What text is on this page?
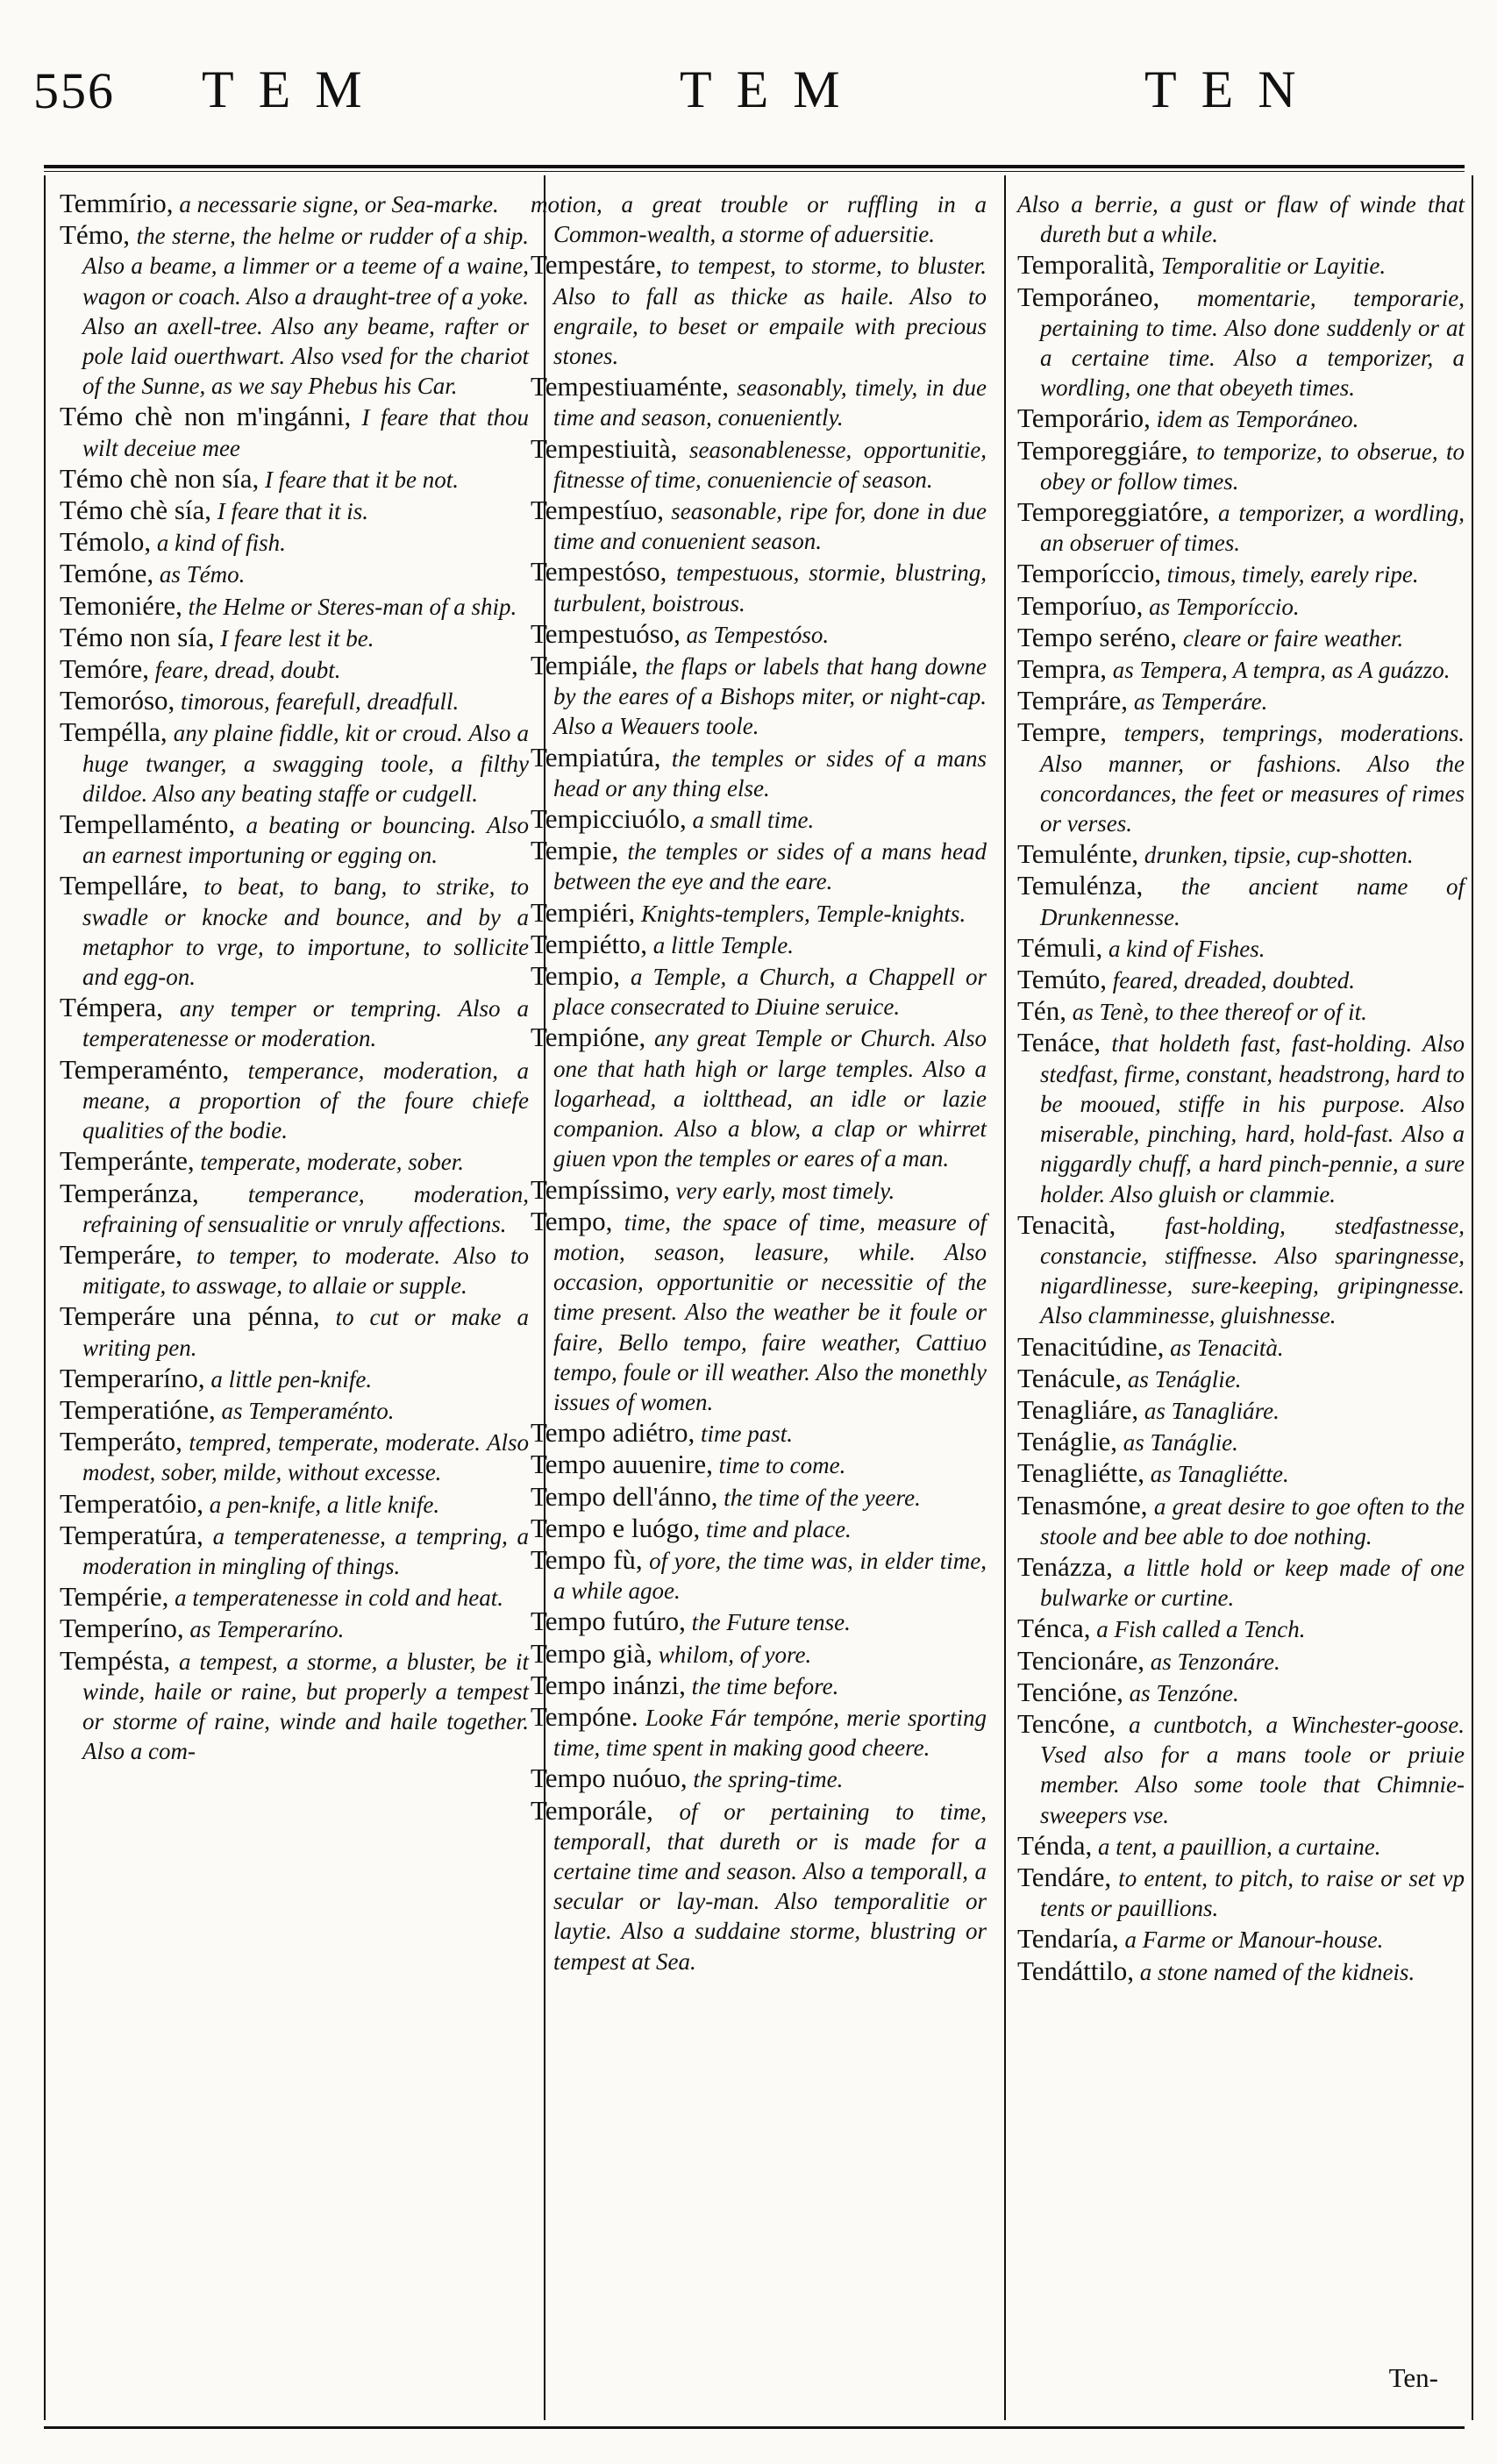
556 TEM	TEM	TEN
Temmírio, a necessarie signe, or Sea-marke.
Témo, the sterne, the helme or rudder of a ship. Also a beame, a limmer or a teeme of a waine, wagon or coach. Also a draught-tree of a yoke. Also an axell-tree. Also any beame, rafter or pole laid ouerthwart. Also vsed for the chariot of the Sunne, as we say Phebus his Car.
Témo chè non m'ingánni, I feare that thou wilt deceiue mee
Témo chè non sía, I feare that it be not.
Témo chè sía, I feare that it is.
Témolo, a kind of fish.
Temóne, as Témo.
Temoniére, the Helme or Steres-man of a ship.
Témo non sía, I feare lest it be.
Temóre, feare, dread, doubt.
Temoróso, timorous, fearefull, dreadfull.
Tempélla, any plaine fiddle, kit or croud. Also a huge twanger, a swagging toole, a filthy dildoe. Also any beating staffe or cudgell.
Tempellaménto, a beating or bouncing. Also an earnest importuning or egging on.
Tempelláre, to beat, to bang, to strike, to swadle or knocke and bounce, and by a metaphor to vrge, to importune, to sollicite and egg-on.
Témpera, any temper or tempring. Also a temperatenesse or moderation.
Temperaménto, temperance, moderation, a meane, a proportion of the foure chiefe qualities of the bodie.
Temperánte, temperate, moderate, sober.
Temperánza, temperance, moderation, refraining of sensualitie or vnruly affections.
Temperáre, to temper, to moderate. Also to mitigate, to asswage, to allaie or supple.
Temperáre una pénna, to cut or make a writing pen.
Temperaríno, a little pen-knife.
Temperatióne, as Temperaménto.
Temperáto, tempred, temperate, moderate. Also modest, sober, milde, without excesse.
Temperatóio, a pen-knife, a litle knife.
Temperatúra, a temperatenesse, a tempring, a moderation in mingling of things.
Tempérie, a temperatenesse in cold and heat.
Temperíno, as Temperaríno.
Tempésta, a tempest, a storme, a bluster, be it winde, haile or raine, but properly a tempest or storme of raine, winde and haile together. Also a com-
motion, a great trouble or ruffling in a Common-wealth, a storme of aduersitie.
Tempestáre, to tempest, to storme, to bluster. Also to fall as thicke as haile. Also to engraile, to beset or empaile with precious stones.
Tempestiuaménte, seasonably, timely, in due time and season, conueniently.
Tempestiuità, seasonablenesse, opportunitie, fitnesse of time, conueniencie of season.
Tempestíuo, seasonable, ripe for, done in due time and conuenient season.
Tempestóso, tempestuous, stormie, blustring, turbulent, boistrous.
Tempestuóso, as Tempestóso.
Tempiále, the flaps or labels that hang downe by the eares of a Bishops miter, or night-cap. Also a Weauers toole.
Tempiatúra, the temples or sides of a mans head or any thing else.
Tempicciuólo, a small time.
Tempie, the temples or sides of a mans head between the eye and the eare.
Tempiéri, Knights-templers, Temple-knights.
Tempiétto, a little Temple.
Tempio, a Temple, a Church, a Chappell or place consecrated to Diuine seruice.
Tempióne, any great Temple or Church. Also one that hath high or large temples. Also a logarhead, a ioltthead, an idle or lazie companion. Also a blow, a clap or whirret giuen vpon the temples or eares of a man.
Tempíssimo, very early, most timely.
Tempo, time, the space of time, measure of motion, season, leasure, while. Also occasion, opportunitie or necessitie of the time present. Also the weather be it foule or faire, Bello tempo, faire weather, Cattiuo tempo, foule or ill weather. Also the monethly issues of women.
Tempo adiétro, time past.
Tempo auuenire, time to come.
Tempo dell'ánno, the time of the yeere.
Tempo e luógo, time and place.
Tempo fù, of yore, the time was, in elder time, a while agoe.
Tempo futúro, the Future tense.
Tempo già, whilom, of yore.
Tempo inánzi, the time before.
Tempóne. Looke Fár tempóne, merie sporting time, time spent in making good cheere.
Tempo nuóuo, the spring-time.
Temporále, of or pertaining to time, temporall, that dureth or is made for a certaine time and season. Also a temporall, a secular or lay-man. Also temporalitie or laytie. Also a suddaine storme, blustring or tempest at Sea.
Also a berrie, a gust or flaw of winde that dureth but a while.
Temporalità, Temporalitie or Layitie.
Temporáneo, momentarie, temporarie, pertaining to time. Also done suddenly or at a certaine time. Also a temporizer, a wordling, one that obeyeth times.
Temporário, idem as Temporáneo.
Temporeggiáre, to temporize, to obserue, to obey or follow times.
Temporeggiatóre, a temporizer, a wordling, an obseruer of times.
Temporíccio, timous, timely, earely ripe.
Temporíuo, as Temporíccio.
Tempo seréno, cleare or faire weather.
Tempra, as Tempera, A tempra, as A guázzo.
Tempráre, as Temperáre.
Tempre, tempers, temprings, moderations. Also manner, or fashions. Also the concordances, the feet or measures of rimes or verses.
Temulénte, drunken, tipsie, cup-shotten.
Temulénza, the ancient name of Drunkennesse.
Témuli, a kind of Fishes.
Temúto, feared, dreaded, doubted.
Tén, as Tenè, to thee thereof or of it.
Tenáce, that holdeth fast, fast-holding. Also stedfast, firme, constant, headstrong, hard to be mooued, stiffe in his purpose. Also miserable, pinching, hard, hold-fast. Also a niggardly chuff, a hard pinch-pennie, a sure holder. Also gluish or clammie.
Tenacità, fast-holding, stedfastnesse, constancie, stiffnesse. Also sparingnesse, nigardlinesse, sure-keeping, gripingnesse. Also clamminesse, gluishnesse.
Tenacitúdine, as Tenacità.
Tenácule, as Tenáglie.
Tenagliáre, as Tanagliáre.
Tenáglie, as Tanáglie.
Tenagliétte, as Tanagliétte.
Tenasmóne, a great desire to goe often to the stoole and bee able to doe nothing.
Tenázza, a little hold or keep made of one bulwarke or curtine.
Ténca, a Fish called a Tench.
Tencionáre, as Tenzonáre.
Tencióne, as Tenzóne.
Tencóne, a cuntbotch, a Winchester-goose. Vsed also for a mans toole or priuie member. Also some toole that Chimnie-sweepers vse.
Ténda, a tent, a pauillion, a curtaine.
Tendáre, to entent, to pitch, to raise or set vp tents or pauillions.
Tendaría, a Farme or Manour-house.
Tendáttilo, a stone named of the kidneis.
Ten-
